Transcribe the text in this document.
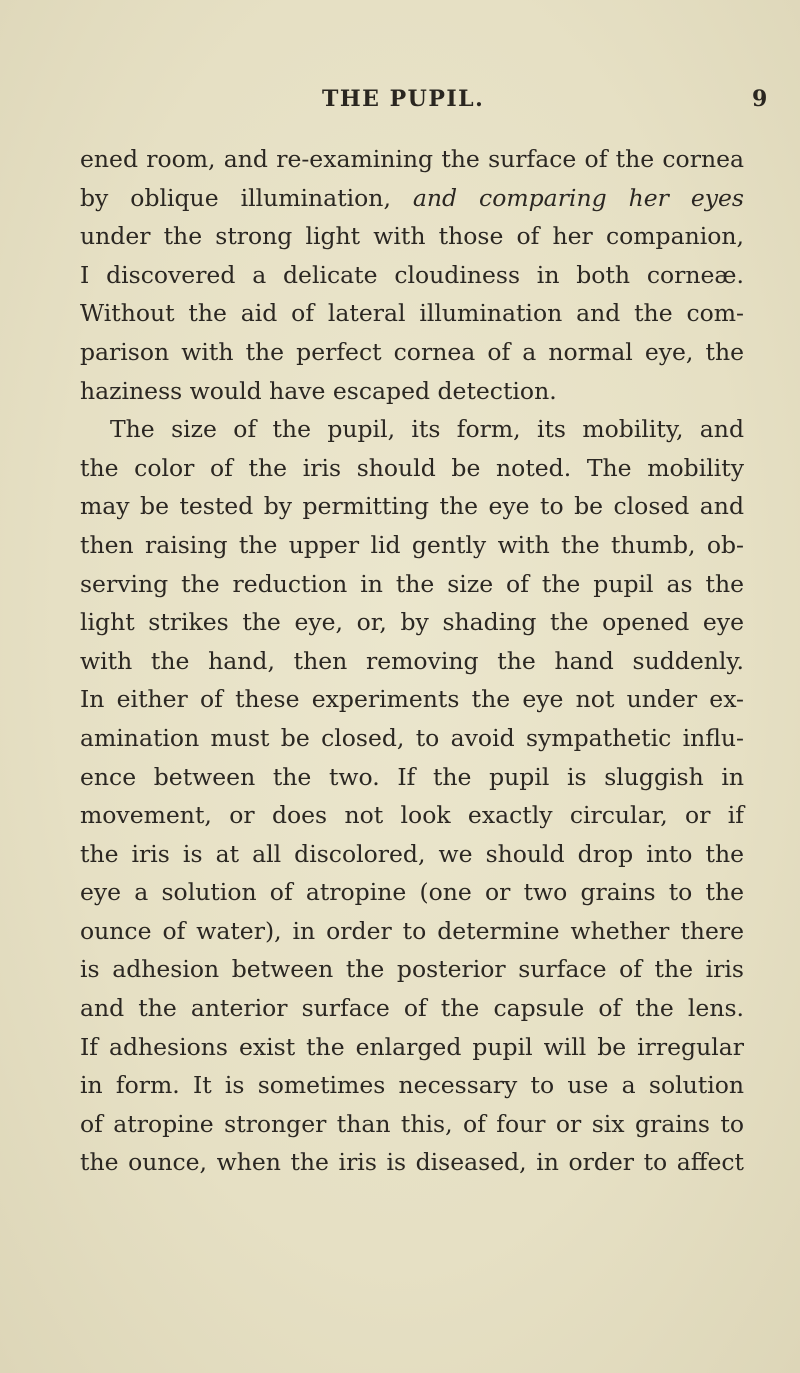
THE PUPIL.	9
ened room, and re-examining the surface of the cornea
by oblique illumination, and comparing her eyes
under the strong light with those of her companion,
I discovered a delicate cloudiness in both corneæ.
Without the aid of lateral illumination and the com-
parison with the perfect cornea of a normal eye, the
haziness would have escaped detection.
The size of the pupil, its form, its mobility, and
the color of the iris should be noted. The mobility
may be tested by permitting the eye to be closed and
then raising the upper lid gently with the thumb, ob-
serving the reduction in the size of the pupil as the
light strikes the eye, or, by shading the opened eye
with the hand, then removing the hand suddenly.
In either of these experiments the eye not under ex-
amination must be closed, to avoid sympathetic influ-
ence between the two. If the pupil is sluggish in
movement, or does not look exactly circular, or if
the iris is at all discolored, we should drop into the
eye a solution of atropine (one or two grains to the
ounce of water), in order to determine whether there
is adhesion between the posterior surface of the iris
and the anterior surface of the capsule of the lens.
If adhesions exist the enlarged pupil will be irregular
in form. It is sometimes necessary to use a solution
of atropine stronger than this, of four or six grains to
the ounce, when the iris is diseased, in order to affect
